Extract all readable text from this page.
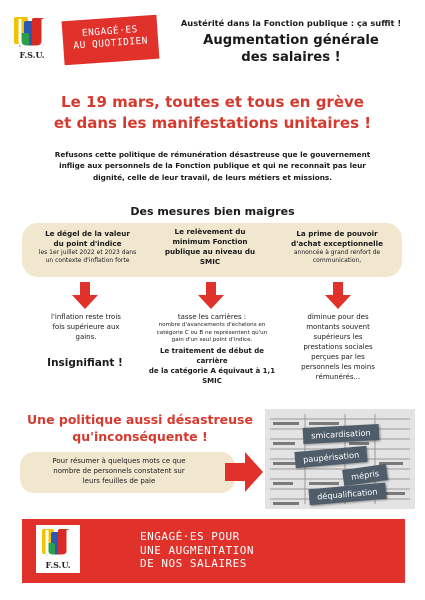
F.S.U.
ENGAGÉ·ES
AU QUOTIDIEN
Austérité dans la Fonction publique : ça suffit !
Augmentation générale
des salaires !
Le 19 mars, toutes et tous en grève
et dans les manifestations unitaires !
Refusons cette politique de rémunération désastreuse que le gouvernement
inflige aux personnels de la Fonction publique et qui ne reconnaît pas leur
dignité, celle de leur travail, de leurs métiers et missions.
Des mesures bien maigres
Le dégel de la valeur
du point d'indice
les 1er juillet 2022 et 2023 dans
un contexte d'inflation forte
Le relèvement du
minimum Fonction
publique au niveau du
SMIC
La prime de pouvoir
d'achat exceptionnelle
annoncée à grand renfort de
communication,
l'inflation reste trois
fois supérieure aux
gains.
Insignifiant !
tasse les carrières :
nombre d'avancements d'échelons en
catégorie C ou B ne représentent qu'un
gain d'un seul point d'indice.
Le traitement de début de carrière
de la catégorie A équivaut à 1,1
SMIC
diminue pour des
montants souvent
supérieurs les
prestations sociales
perçues par les
personnels les moins
rémunérés...
Une politique aussi désastreuse
qu'inconséquente !
Pour résumer à quelques mots ce que
nombre de personnels constatent sur
leurs feuilles de paie
smicardisation
paupérisation
mépris
déqualification
F.S.U.
ENGAGÉ·ES POUR
UNE AUGMENTATION
DE NOS SALAIRES
